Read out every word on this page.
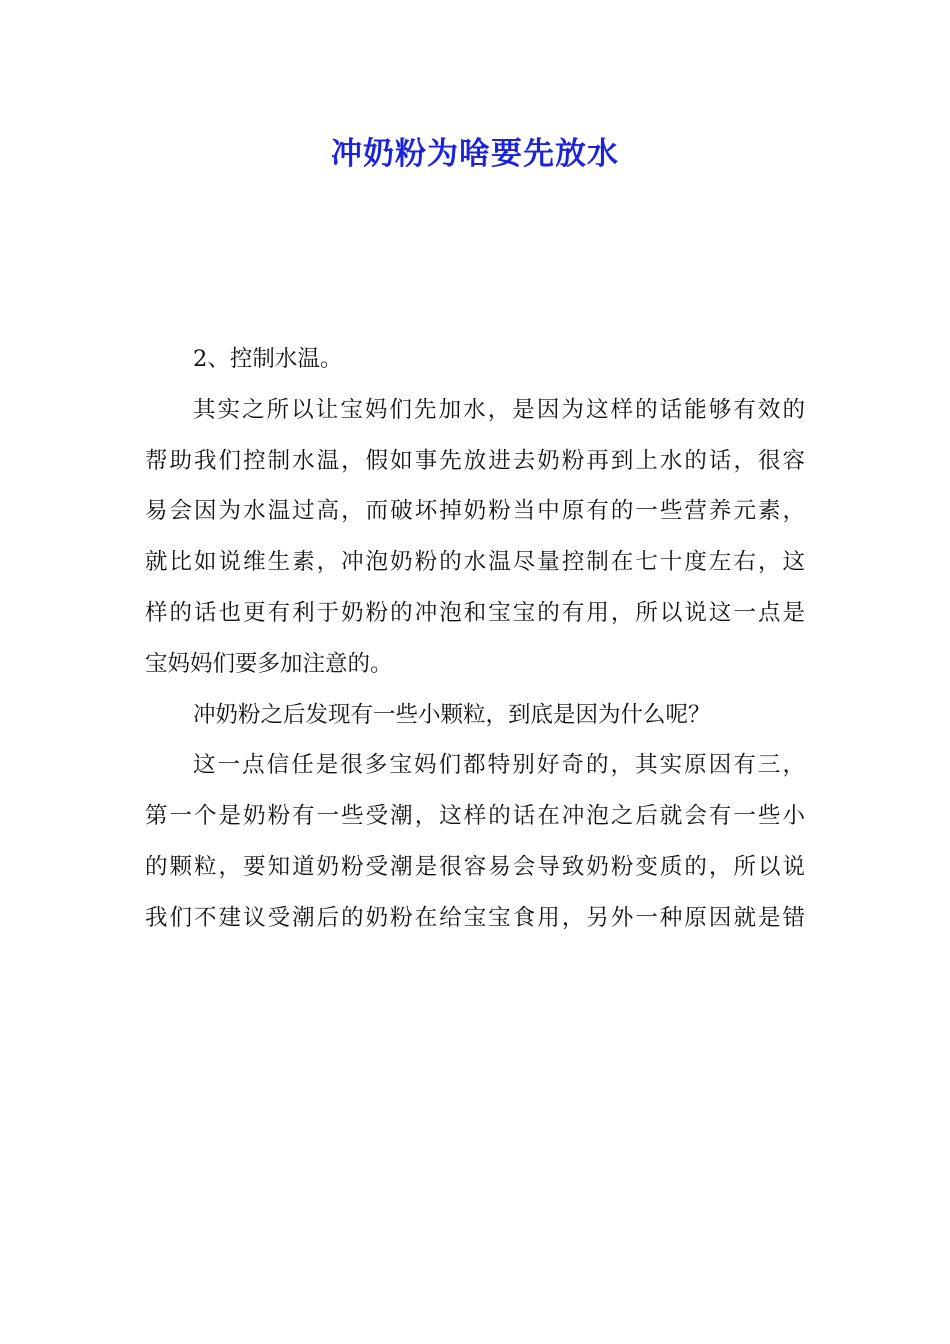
冲奶粉为啥要先放水
2、控制水温。
其实之所以让宝妈们先加水，是因为这样的话能够有效的
帮助我们控制水温，假如事先放进去奶粉再到上水的话，很容
易会因为水温过高，而破坏掉奶粉当中原有的一些营养元素，
就比如说维生素，冲泡奶粉的水温尽量控制在七十度左右，这
样的话也更有利于奶粉的冲泡和宝宝的有用，所以说这一点是
宝妈妈们要多加注意的。
冲奶粉之后发现有一些小颗粒，到底是因为什么呢？
这一点信任是很多宝妈们都特别好奇的，其实原因有三，
第一个是奶粉有一些受潮，这样的话在冲泡之后就会有一些小
的颗粒，要知道奶粉受潮是很容易会导致奶粉变质的，所以说
我们不建议受潮后的奶粉在给宝宝食用，另外一种原因就是错
